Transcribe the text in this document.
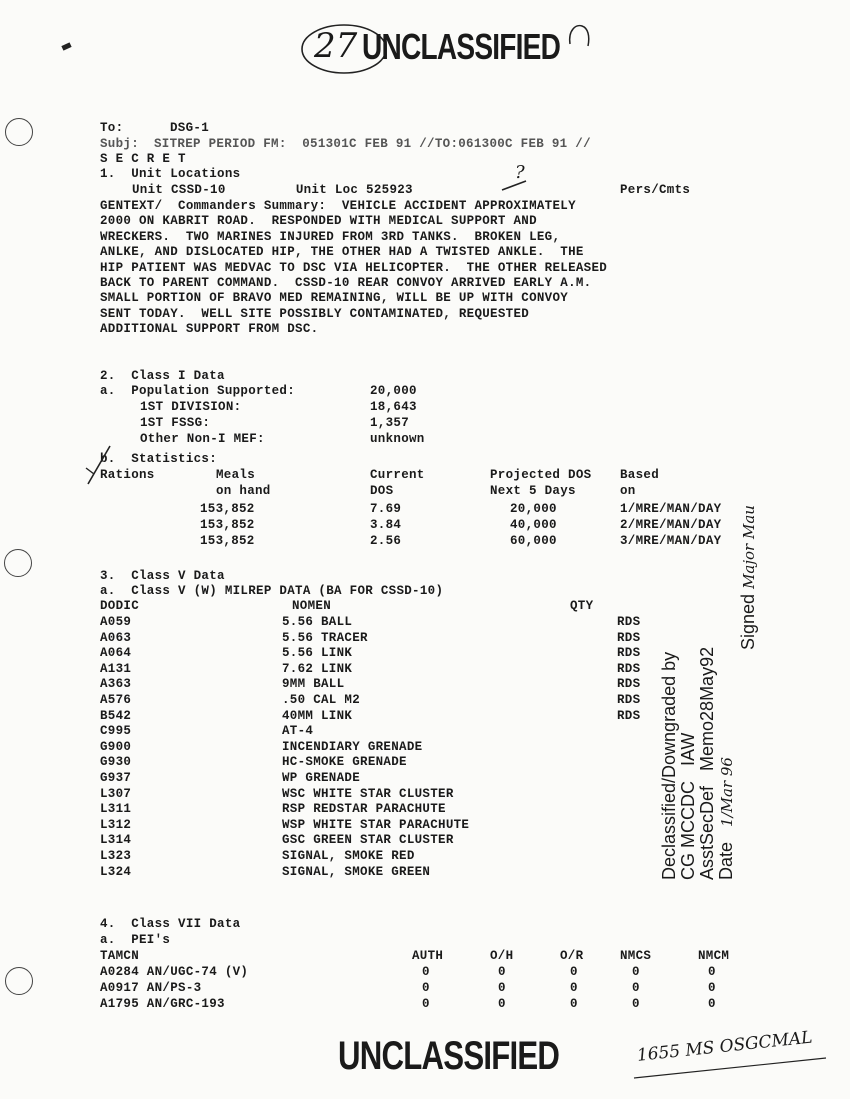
27 UNCLASSIFIED
To:	DSG-1
Subj: SITREP PERIOD FM:  051301C FEB 91 //TO:061300C FEB 91 //
S E C R E T
1.  Unit Locations
Unit CSSD-10         Unit Loc 525923
?
Pers/Cmts
GENTEXT/  Commanders Summary:  VEHICLE ACCIDENT APPROXIMATELY
2000 ON KABRIT ROAD.  RESPONDED WITH MEDICAL SUPPORT AND
WRECKERS.  TWO MARINES INJURED FROM 3RD TANKS.  BROKEN LEG,
ANLKE, AND DISLOCATED HIP, THE OTHER HAD A TWISTED ANKLE.  THE
HIP PATIENT WAS MEDVAC TO DSC VIA HELICOPTER.  THE OTHER RELEASED
BACK TO PARENT COMMAND.  CSSD-10 REAR CONVOY ARRIVED EARLY A.M.
SMALL PORTION OF BRAVO MED REMAINING, WILL BE UP WITH CONVOY
SENT TODAY.  WELL SITE POSSIBLY CONTAMINATED, REQUESTED
ADDITIONAL SUPPORT FROM DSC.
2.  Class I Data
a.  Population Supported:	20,000
1ST DIVISION:	18,643
1ST FSSG:	1,357
Other Non-I MEF:	unknown
b.  Statistics:
Rations	Meals	Current	Projected DOS Based
on hand	DOS	Next 5 Days	on
153,852	7.69	20,000	1/MRE/MAN/DAY
153,852	3.84	40,000	2/MRE/MAN/DAY
153,852	2.56	60,000	3/MRE/MAN/DAY
3.  Class V Data
a.  Class V (W) MILREP DATA (BA FOR CSSD-10)
DODIC	NOMEN	QTY
A059	5.56 BALL	RDS
A063	5.56 TRACER	RDS
A064	5.56 LINK	RDS
A131	7.62 LINK	RDS
A363	9MM BALL	RDS
A576	.50 CAL M2	RDS
B542	40MM LINK	RDS
C995	AT-4
G900	INCENDIARY GRENADE
G930	HC-SMOKE GRENADE
G937	WP GRENADE
L307	WSC WHITE STAR CLUSTER
L311	RSP REDSTAR PARACHUTE
L312	WSP WHITE STAR PARACHUTE
L314	GSC GREEN STAR CLUSTER
L323	SIGNAL, SMOKE RED
L324	SIGNAL, SMOKE GREEN	Declassified/Downgraded by CG MCCDC   IAW AsstSecDef   Memo28May92 Date   1/Mar 96
Signed Major Mau
4.  Class VII Data
a.  PEI's
TAMCN	AUTH	O/H	O/R	NMCS	NMCM
A0284 AN/UGC-74 (V)	0	0	0	0	0
A0917 AN/PS-3	0	0	0	0	0
A1795 AN/GRC-193	0	0	0	0	0
UNCLASSIFIED	1655 MS OSGCMAL
